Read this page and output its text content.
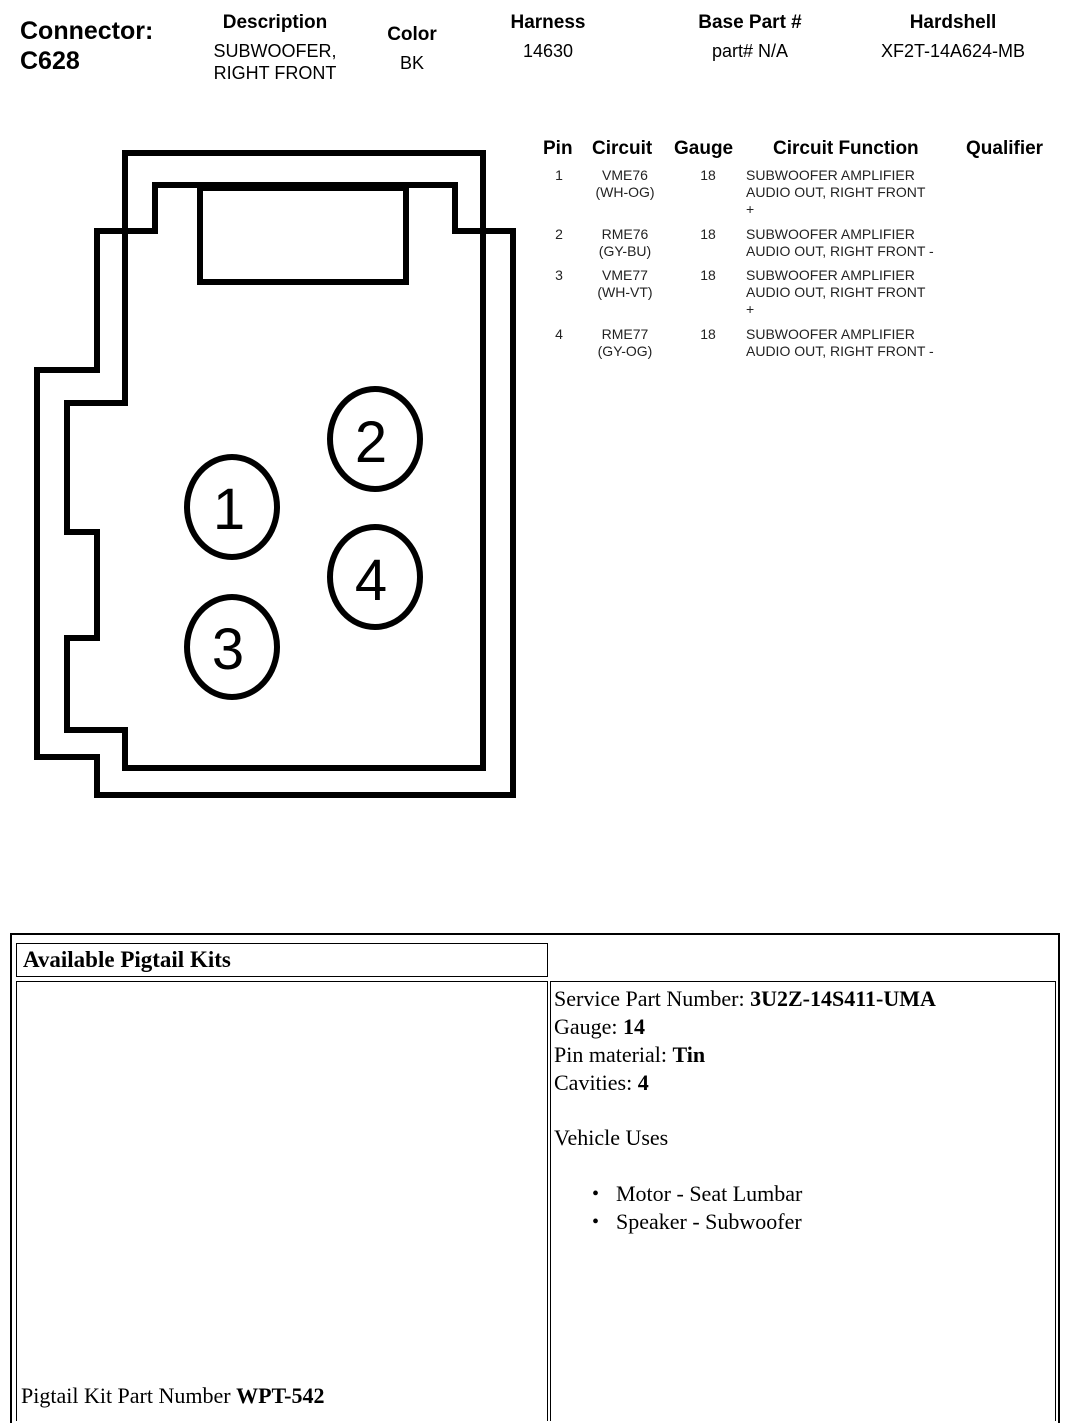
Connector:
C628
Description
SUBWOOFER,
RIGHT FRONT
Color
BK
Harness
14630
Base Part #
part# N/A
Hardshell
XF2T-14A624-MB
1
2
3
4
Pin Circuit Gauge Circuit Function Qualifier
1	VME76
(WH-OG)
18	SUBWOOFER AMPLIFIER
AUDIO OUT, RIGHT FRONT
+
2	RME76
(GY-BU)
18	SUBWOOFER AMPLIFIER
AUDIO OUT, RIGHT FRONT -
3	VME77
(WH-VT)
18	SUBWOOFER AMPLIFIER
AUDIO OUT, RIGHT FRONT
+
4	RME77
(GY-OG)
18	SUBWOOFER AMPLIFIER
AUDIO OUT, RIGHT FRONT -
Available Pigtail Kits
Pigtail Kit Part Number WPT-542
Service Part Number: 3U2Z-14S411-UMA
Gauge: 14
Pin material: Tin
Cavities: 4
Vehicle Uses
• Motor - Seat Lumbar
• Speaker - Subwoofer
